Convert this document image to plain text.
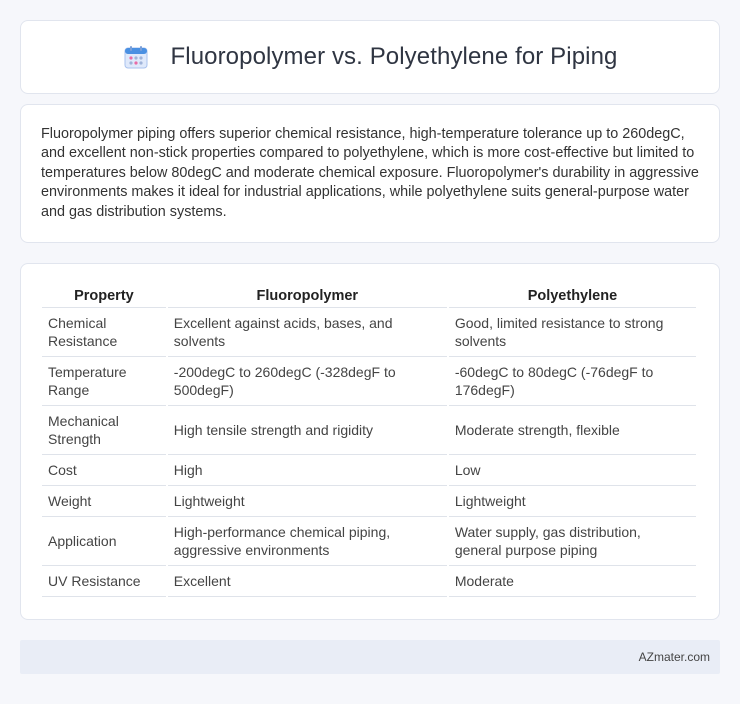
Fluoropolymer vs. Polyethylene for Piping

Fluoropolymer piping offers superior chemical resistance, high-temperature tolerance up to 260degC, and excellent non-stick properties compared to polyethylene, which is more cost-effective but limited to temperatures below 80degC and moderate chemical exposure. Fluoropolymer's durability in aggressive environments makes it ideal for industrial applications, while polyethylene suits general-purpose water and gas distribution systems.

Property	Fluoropolymer	Polyethylene
Chemical Resistance	Excellent against acids, bases, and solvents	Good, limited resistance to strong solvents
Temperature Range	-200degC to 260degC (-328degF to 500degF)	-60degC to 80degC (-76degF to 176degF)
Mechanical Strength	High tensile strength and rigidity	Moderate strength, flexible
Cost	High	Low
Weight	Lightweight	Lightweight
Application	High-performance chemical piping, aggressive environments	Water supply, gas distribution, general purpose piping
UV Resistance	Excellent	Moderate
AZmater.com
